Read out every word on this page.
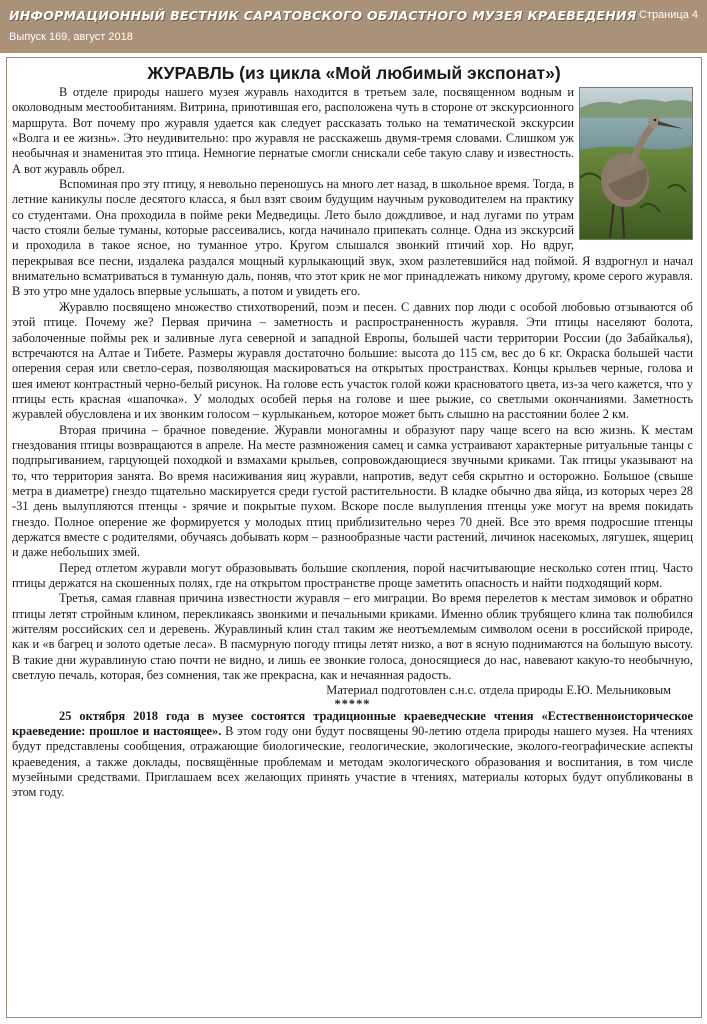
ИНФОРМАЦИОННЫЙ ВЕСТНИК САРАТОВСКОГО ОБЛАСТНОГО МУЗЕЯ КРАЕВЕДЕНИЯ
Выпуск 169, август 2018
Страница 4
ЖУРАВЛЬ (из цикла «Мой любимый экспонат»)

В отделе природы нашего музея журавль находится в третьем зале, посвященном водным и околоводным местообитаниям. Витрина, приютившая его, расположена чуть в стороне от экскурсионного маршрута. Вот почему про журавля удается как следует рассказать только на тематической экскурсии «Волга и ее жизнь». Это неудивительно: про журавля не расскажешь двумя-тремя словами. Слишком уж необычная и знаменитая это птица. Немногие пернатые смогли снискали себе такую славу и известность. А вот журавль обрел.

Вспоминая про эту птицу, я невольно переношусь на много лет назад, в школьное время. Тогда, в летние каникулы после десятого класса, я был взят своим будущим научным руководителем на практику со студентами. Она проходила в пойме реки Медведицы. Лето было дождливое, и над лугами по утрам часто стояли белые туманы, которые рассеивались, когда начинало припекать солнце. Одна из экскурсий и проходила в такое ясное, но туманное утро. Кругом слышался звонкий птичий хор. Но вдруг, перекрывая все песни, издалека раздался мощный курлыкающий звук, эхом разлетевшийся над поймой. Я вздрогнул и начал внимательно всматриваться в туманную даль, поняв, что этот крик не мог принадлежать никому другому, кроме серого журавля. В это утро мне удалось впервые услышать, а потом и увидеть его.

Журавлю посвящено множество стихотворений, поэм и песен. С давних пор люди с особой любовью отзываются об этой птице. Почему же? Первая причина – заметность и распространенность журавля. Эти птицы населяют болота, заболоченные поймы рек и заливные луга северной и западной Европы, большей части территории России (до Забайкалья), встречаются на Алтае и Тибете. Размеры журавля достаточно большие: высота до 115 см, вес до 6 кг. Окраска большей части оперения серая или светло-серая, позволяющая маскироваться на открытых пространствах. Концы крыльев черные, голова и шея имеют контрастный черно-белый рисунок. На голове есть участок голой кожи красноватого цвета, из-за чего кажется, что у птицы есть красная «шапочка». У молодых особей перья на голове и шее рыжие, со светлыми окончаниями. Заметность журавлей обусловлена и их звонким голосом – курлыканьем, которое может быть слышно на расстоянии более 2 км.

Вторая причина – брачное поведение. Журавли моногамны и образуют пару чаще всего на всю жизнь. К местам гнездования птицы возвращаются в апреле. На месте размножения самец и самка устраивают характерные ритуальные танцы с подпрыгиванием, гарцующей походкой и взмахами крыльев, сопровождающиеся звучными криками. Так птицы указывают на то, что территория занята. Во время насиживания яиц журавли, напротив, ведут себя скрытно и осторожно. Большое (свыше метра в диаметре) гнездо тщательно маскируется среди густой растительности. В кладке обычно два яйца, из которых через 28 -31 день вылупляются птенцы - зрячие и покрытые пухом. Вскоре после вылупления птенцы уже могут на время покидать гнездо. Полное оперение же формируется у молодых птиц приблизительно через 70 дней. Все это время подросшие птенцы держатся вместе с родителями, обучаясь добывать корм – разнообразные части растений, личинок насекомых, лягушек, ящериц и даже небольших змей.

Перед отлетом журавли могут образовывать большие скопления, порой насчитывающие несколько сотен птиц. Часто птицы держатся на скошенных полях, где на открытом пространстве проще заметить опасность и найти подходящий корм.

Третья, самая главная причина известности журавля – его миграции. Во время перелетов к местам зимовок и обратно птицы летят стройным клином, перекликаясь звонкими и печальными криками. Именно облик трубящего клина так полюбился жителям российских сел и деревень. Журавлиный клин стал таким же неотъемлемым символом осени в российской природе, как и «в багрец и золото одетые леса». В пасмурную погоду птицы летят низко, а вот в ясную поднимаются на большую высоту. В такие дни журавлиную стаю почти не видно, и лишь ее звонкие голоса, доносящиеся до нас, навевают какую-то необычную, светлую печаль, которая, без сомнения, так же прекрасна, как и нечаянная радость.

Материал подготовлен с.н.с. отдела природы Е.Ю. Мельниковым

*****

25 октября 2018 года в музее состоятся традиционные краеведческие чтения «Естественноисторическое краеведение: прошлое и настоящее». В этом году они будут посвящены 90-летию отдела природы нашего музея. На чтениях будут представлены сообщения, отражающие биологические, геологические, экологические, эколого-географические аспекты краеведения, а также доклады, посвящённые проблемам и методам экологического образования и воспитания, в том числе музейными средствами. Приглашаем всех желающих принять участие в чтениях, материалы которых будут опубликованы в этом году.
